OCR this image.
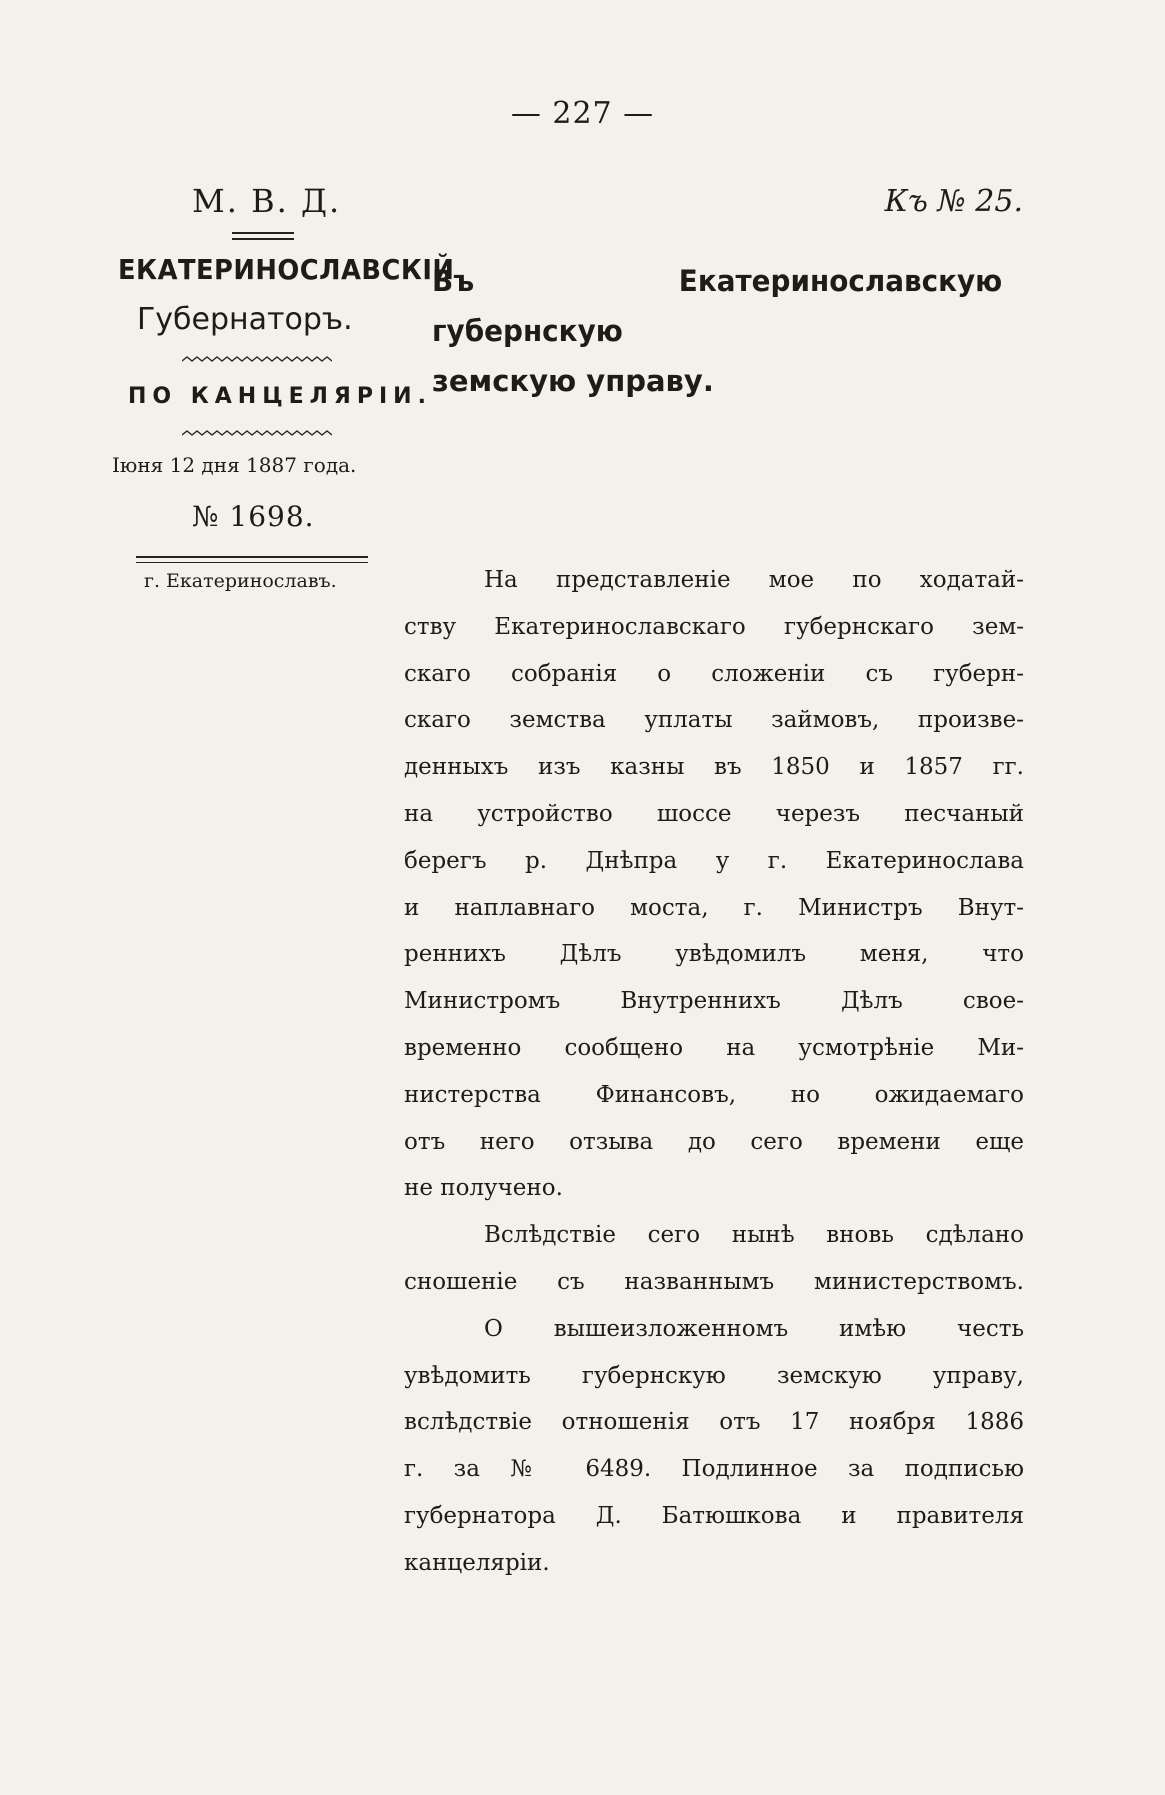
— 227 —
М. В. Д.	Къ № 25.
ЕКАТЕРИНОСЛАВСКІЙ
Губернаторъ.
ПО КАНЦЕЛЯРІИ.
Іюня 12 дня 1887 года.
№ 1698.
г. Екатеринославъ.
Въ Екатеринославскую губернскую
земскую управу.
На представленіе мое по ходатай-
ству Екатеринославскаго губернскаго зем-
скаго собранія о сложеніи съ губерн-
скаго земства уплаты займовъ, произве-
денныхъ изъ казны въ 1850 и 1857 гг.
на устройство шоссе черезъ песчаный
берегъ р. Днѣпра у г. Екатеринослава
и наплавнаго моста, г. Министръ Внут-
реннихъ Дѣлъ увѣдомилъ меня, что
Министромъ Внутреннихъ Дѣлъ свое-
временно сообщено на усмотрѣніе Ми-
нистерства Финансовъ, но ожидаемаго
отъ него отзыва до сего времени еще
не получено.
Вслѣдствіе сего нынѣ вновь сдѣлано
сношеніе съ названнымъ министерствомъ.
О вышеизложенномъ имѣю честь
увѣдомить губернскую земскую управу,
вслѣдствіе отношенія отъ 17 ноября 1886
г. за № 6489. Подлинное за подписью
губернатора Д. Батюшкова и правителя
канцеляріи.
